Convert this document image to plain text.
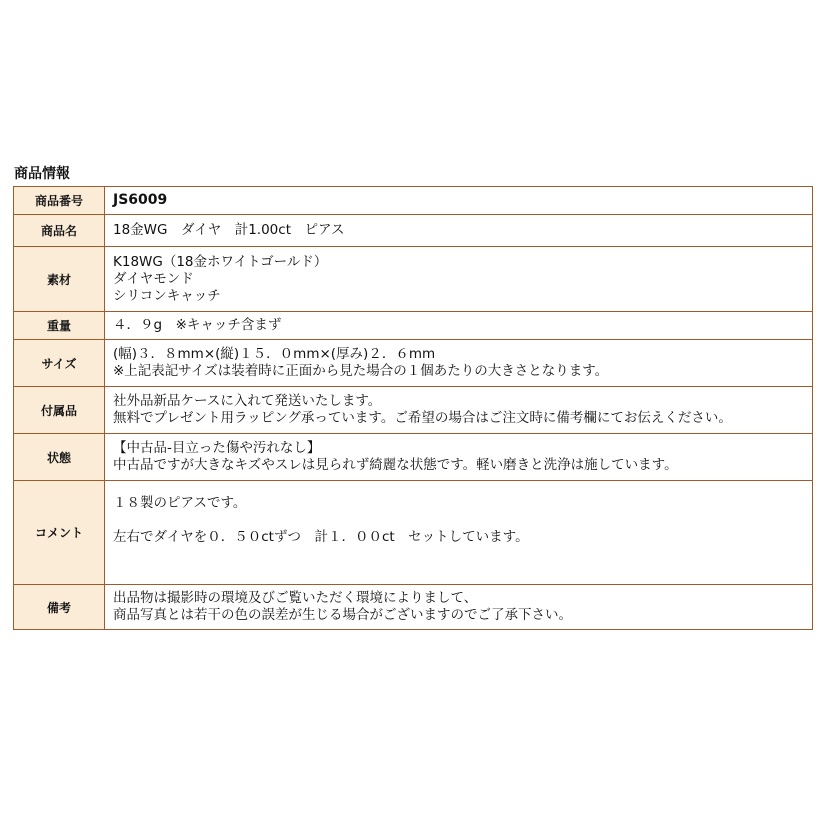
商品情報
商品番号	JS6009

商品名	18金WG　ダイヤ　計1.00ct　ピアス

素材	K18WG（18金ホワイトゴールド）
ダイヤモンド
シリコンキャッチ

重量	４．９g　※キャッチ含まず

サイズ	(幅)３．８mm×(縦)１５．０mm×(厚み)２．６mm
※上記表記サイズは装着時に正面から見た場合の１個あたりの大きさとなります。

付属品	社外品新品ケースに入れて発送いたします。
無料でプレゼント用ラッピング承っています。ご希望の場合はご注文時に備考欄にてお伝えください。

状態	【中古品-目立った傷や汚れなし】
中古品ですが大きなキズやスレは見られず綺麗な状態です。軽い磨きと洗浄は施しています。

コメント	１８製のピアスです。
左右でダイヤを０．５０ctずつ　計１．００ct　セットしています。

備考	出品物は撮影時の環境及びご覧いただく環境によりまして、
商品写真とは若干の色の誤差が生じる場合がございますのでご了承下さい。
